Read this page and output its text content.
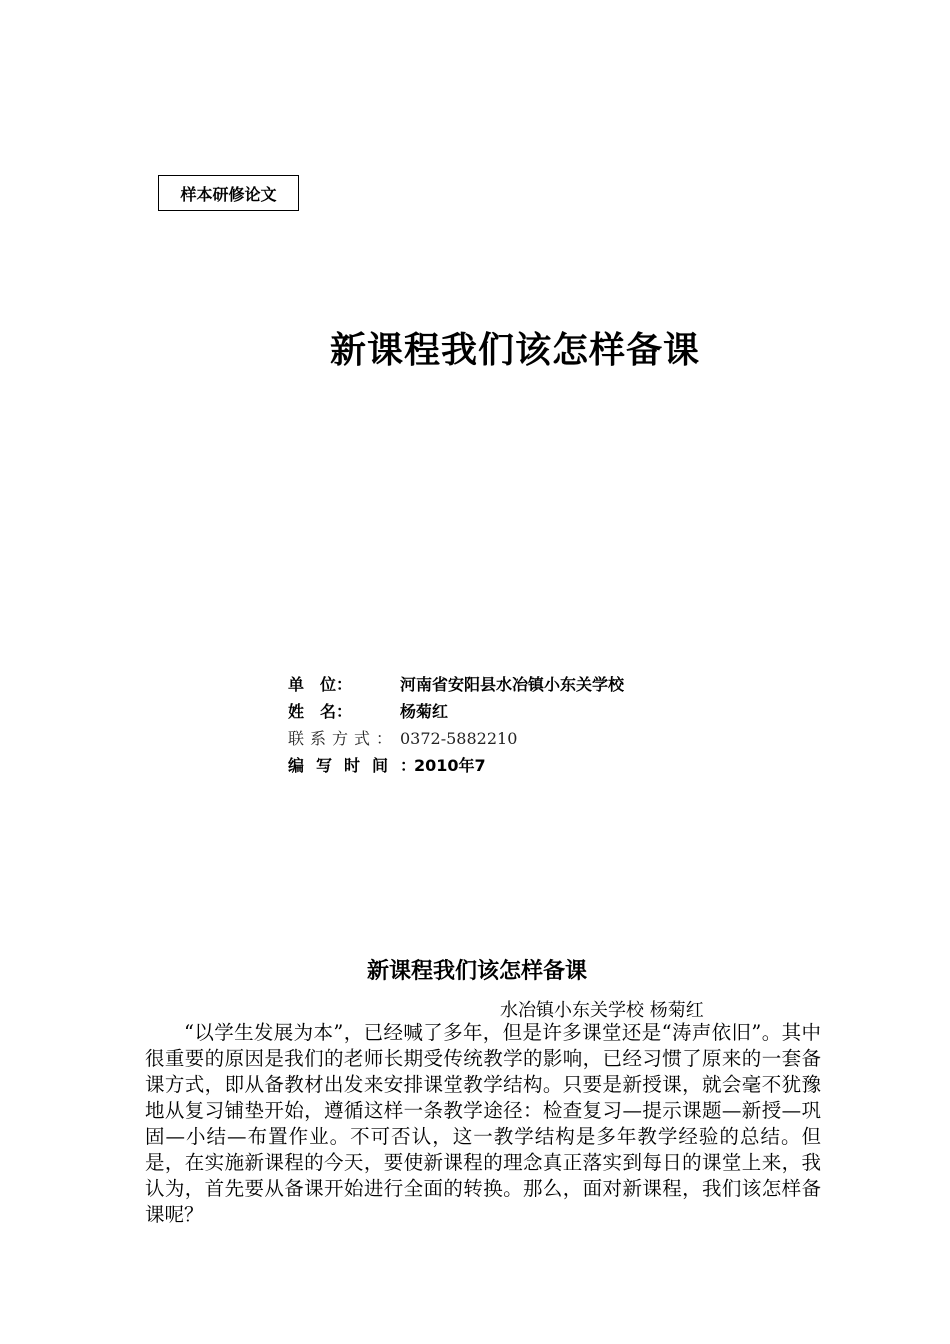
样本研修论文
新课程我们该怎样备课
单　位：	河南省安阳县水冶镇小东关学校
姓　名：	杨菊红
联系方式： 0372-5882210
编写时间：
2010年7
新课程我们该怎样备课
水冶镇小东关学校 杨菊红
“以学生发展为本”，已经喊了多年，但是许多课堂还是“涛声依旧”。其中很重要的原因是我们的老师长期受传统教学的影响，已经习惯了原来的一套备课方式，即从备教材出发来安排课堂教学结构。只要是新授课，就会毫不犹豫地从复习铺垫开始，遵循这样一条教学途径：检查复习—提示课题—新授—巩固—小结—布置作业。不可否认，这一教学结构是多年教学经验的总结。但是，在实施新课程的今天，要使新课程的理念真正落实到每日的课堂上来，我认为，首先要从备课开始进行全面的转换。那么，面对新课程，我们该怎样备课呢？
